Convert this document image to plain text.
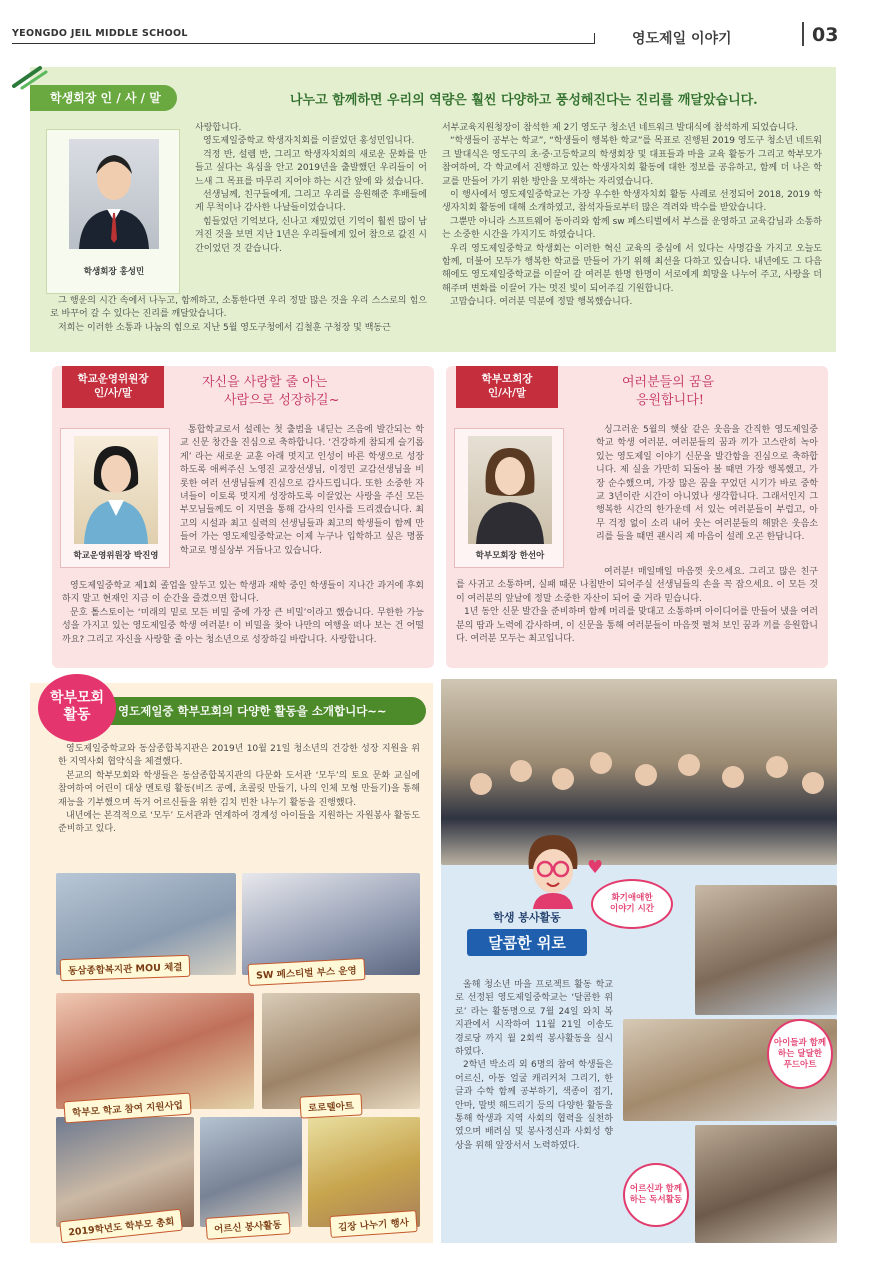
YEONGDO JEIL MIDDLE SCHOOL	영도제일 이야기	03
학생회장 인 / 사 / 말	나누고 함께하면 우리의 역량은 훨씬 다양하고 풍성해진다는 진리를 깨달았습니다.
학생회장 홍성민
사랑합니다.
영도제일중학교 학생자치회를 이끌었던 홍성민입니다.
걱정 반, 설렘 반, 그리고 학생자치회의 새로운 문화를 만들고 싶다는 욕심을 안고 2019년을 출발했던 우리들이 어느새 그 목표를 마무리 지어야 하는 시간 앞에 와 섰습니다.
선생님께, 친구들에게, 그리고 우리를 응원해준 후배들에게 무척이나 감사한 나날들이었습니다.
힘들었던 기억보다, 신나고 재밌었던 기억이 훨씬 많이 남겨진 것을 보면 지난 1년은 우리들에게 있어 참으로 값진 시간이었던 것 같습니다.
그 행운의 시간 속에서 나누고, 함께하고, 소통한다면 우리 정말 많은 것을 우리 스스로의 힘으로 바꾸어 갈 수 있다는 진리를 깨달았습니다.
저희는 이러한 소통과 나눔의 힘으로 지난 5월 영도구청에서 김철훈 구청장 및 백동근
서부교육지원청장이 참석한 제 2기 영도구 청소년 네트워크 발대식에 참석하게 되었습니다.
“학생들이 공부는 학교”, “학생들이 행복한 학교”를 목표로 진행된 2019 영도구 청소년 네트워크 발대식은 영도구의 초·중·고등학교의 학생회장 및 대표들과 마을 교육 활동가 그리고 학부모가 참여하여, 각 학교에서 진행하고 있는 학생자치회 활동에 대한 정보를 공유하고, 함께 더 나은 학교를 만들어 가기 위한 방안을 모색하는 자리였습니다.
이 행사에서 영도제일중학교는 가장 우수한 학생자치회 활동 사례로 선정되어 2018, 2019 학생자치회 활동에 대해 소개하였고, 참석자들로부터 많은 격려와 박수를 받았습니다.
그뿐만 아니라 스프트웨어 동아리와 함께 sw 페스티벌에서 부스를 운영하고 교육감님과 소통하는 소중한 시간을 가지기도 하였습니다.
우리 영도제일중학교 학생회는 이러한 혁신 교육의 중심에 서 있다는 사명감을 가지고 오늘도 함께, 더불어 모두가 행복한 학교를 만들어 가기 위해 최선을 다하고 있습니다. 내년에도 그 다음 해에도 영도제일중학교를 이끌어 갈 여러분 한명 한명이 서로에게 희망을 나누어 주고, 사랑을 더해주며 변화를 이끌어 가는 멋진 빛이 되어주길 기원합니다.
고맙습니다. 여러분 덕분에 정말 행복했습니다.
학교운영위원장
인/사/말
자신을 사랑할 줄 아는
사람으로 성장하길~
학교운영위원장 박진영
통합학교로서 설레는 첫 출범을 내딛는 즈음에 발간되는 학교 신문 창간을 진심으로 축하합니다. ‘건강하게 참되게 슬기롭게’ 라는 새로운 교훈 아래 멋지고 인성이 바른 학생으로 성장하도록 애써주신 노영진 교장선생님, 이정민 교감선생님을 비롯한 여러 선생님들께 진심으로 감사드립니다. 또한 소중한 자녀들이 이토록 멋지게 성장하도록 이끌었는 사랑을 주신 모든 부모님들께도 이 지면을 통해 감사의 인사를 드리겠습니다. 최고의 시설과 최고 실력의 선생님들과 최고의 학생들이 함께 만들어 가는 영도제일중학교는 이제 누구나 입학하고 싶은 명품학교로 명실상부 거듭나고 있습니다.
영도제일중학교 제1회 졸업을 앞두고 있는 학생과 재학 중인 학생들이 지나간 과거에 후회하지 말고 현재인 지금 이 순간을 즐겼으면 합니다.
문호 톨스토이는 ‘미래의 밑로 모든 비밀 중에 가장 큰 비밀’이라고 했습니다. 무한한 가능성을 가지고 있는 영도제일중 학생 여러분! 이 비밀을 찾아 나만의 여행을 떠나 보는 건 어떨까요? 그리고 자신을 사랑할 줄 아는 청소년으로 성장하길 바랍니다. 사랑합니다.
학부모회장
인/사/말
여러분들의 꿈을
응원합니다!
학부모회장 한선아
싱그러운 5월의 햇살 같은 웃음을 간직한 영도제일중학교 학생 여러분, 여러분들의 꿈과 끼가 고스란히 녹아 있는 영도제일 이야기 신문을 발간함을 진심으로 축하합니다. 제 실을 가만히 되돌아 볼 때면 가장 행복했고, 가장 순수했으며, 가장 많은 꿈을 꾸었던 시기가 바로 중학교 3년이란 시간이 아니였나 생각합니다. 그래서인지 그 행복한 시간의 한가운데 서 있는 여러분들이 부럽고, 아무 걱정 없이 소리 내어 웃는 여러분들의 해맑은 웃음소리를 들을 때면 괜시리 제 마음이 설레 오곤 한답니다.
여러분! 매일매일 마음껏 웃으세요. 그리고 많은 친구를 사귀고 소통하며, 실패 때문 나침반이 되어주실 선생님들의 손을 꼭 잡으세요. 이 모든 것이 여러분의 앞날에 정말 소중한 자산이 되어 줄 거라 믿습니다.
1년 동안 신문 발간을 준비하며 함께 머리를 맞대고 소통하며 아이디어를 만들어 냈을 여러분의 땀과 노력에 감사하며, 이 신문을 통해 여러분들이 마음껏 펼쳐 보인 꿈과 끼를 응원합니다. 여러분 모두는 최고입니다.
영도제일중 학부모회의 다양한 활동을 소개합니다~~
영도제일중학교와 동삼종합복지관은 2019년 10월 21일 청소년의 건강한 성장 지원을 위한 지역사회 협약식을 체결했다.
본교의 학부모회와 학생들은 동삼종합복지관의 다문화 도서관 ‘모두’의 토요 문화 교실에 참여하여 어린이 대상 멘토링 활동(비즈 공예, 초콜릿 만들기, 나의 인체 모형 만들기)을 통해 재능을 기부했으며 독거 어르신들을 위한 김치 빈찬 나누기 활동을 진행했다.
내년에는 본격적으로 ‘모두’ 도서관과 연계하여 경계성 아이들을 지원하는 자원봉사 활동도 준비하고 있다.
동삼종합복지관 MOU 체결	SW 페스티벌 부스 운영
학부모 학교 참여 지원사업	로로텔아트
2019학년도 학부모 총회	어르신 봉사활동	김장 나누기 행사
학부모회
활동
♥
학생 봉사활동
달콤한 위로
화기애애한
이야기 시간
아이들과 함께하는 달달한 푸드아트
어르신과 함께하는 독서활동
올해 청소년 마을 프로젝트 활동 학교로 선정된 영도제일중학교는 ‘달콤한 위로’ 라는 활동명으로 7월 24일 와치 복지관에서 시작하여 11월 21일 이송도 경로당 까지 월 2회씩 봉사활동을 실시하였다.
2학년 박소리 외 6명의 참여 학생들은 어르신, 아동 얼굴 캐리커처 그리기, 한글과 수학 함께 공부하기, 색종이 접기, 안마, 말벗 해드리기 등의 다양한 활동을 통해 학생과 지역 사회의 협력을 실천하였으며 배려심 및 봉사정신과 사회성 향상을 위해 앞장서서 노력하였다.
